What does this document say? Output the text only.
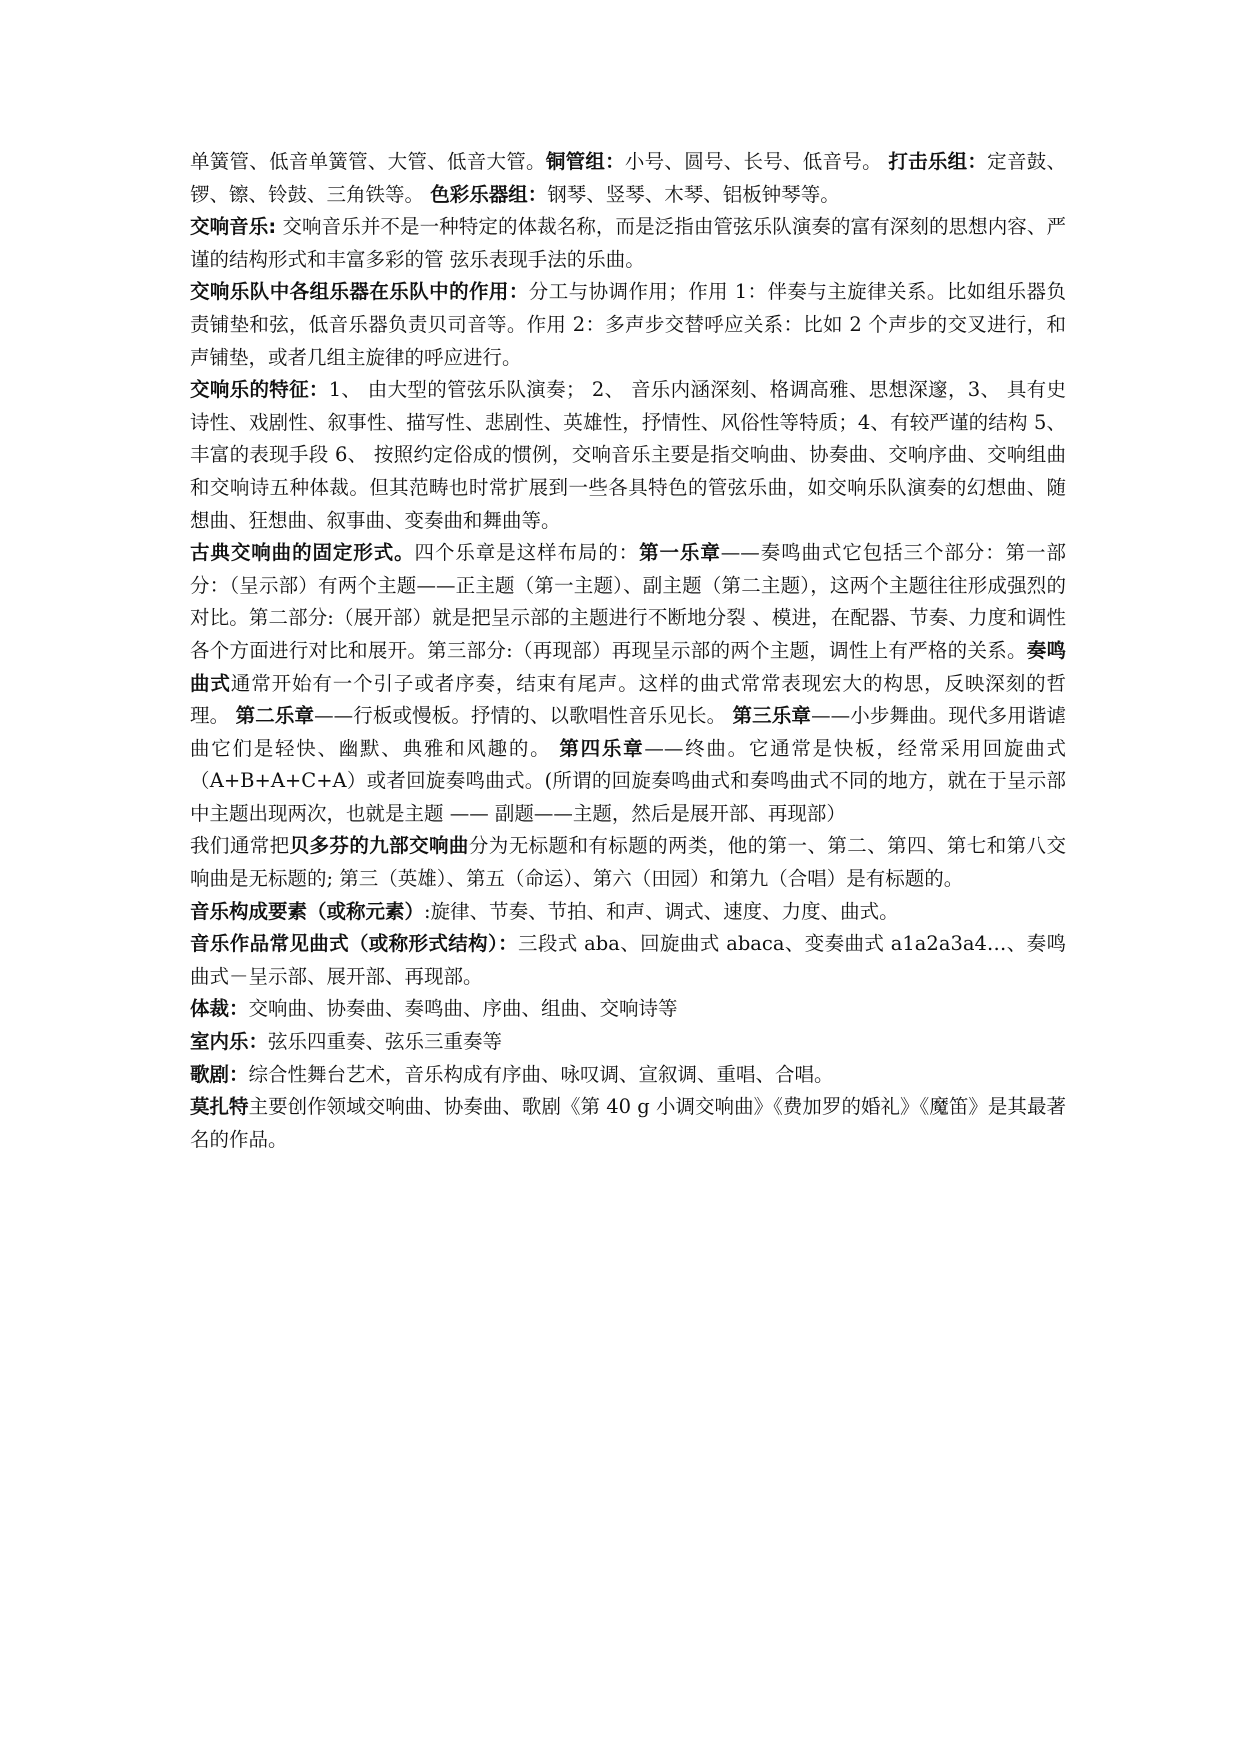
单簧管、低音单簧管、大管、低音大管。铜管组：小号、圆号、长号、低音号。 打击乐组：定音鼓、锣、镲、铃鼓、三角铁等。 色彩乐器组：钢琴、竖琴、木琴、铝板钟琴等。
交响音乐: 交响音乐并不是一种特定的体裁名称，而是泛指由管弦乐队演奏的富有深刻的思想内容、严谨的结构形式和丰富多彩的管 弦乐表现手法的乐曲。
交响乐队中各组乐器在乐队中的作用：分工与协调作用；作用 1：伴奏与主旋律关系。比如组乐器负责铺垫和弦，低音乐器负责贝司音等。作用 2：多声步交替呼应关系：比如 2 个声步的交叉进行，和声铺垫，或者几组主旋律的呼应进行。
交响乐的特征：1、 由大型的管弦乐队演奏； 2、 音乐内涵深刻、格调高雅、思想深邃，3、 具有史诗性、戏剧性、叙事性、描写性、悲剧性、英雄性，抒情性、风俗性等特质；4、有较严谨的结构 5、 丰富的表现手段 6、 按照约定俗成的惯例，交响音乐主要是指交响曲、协奏曲、交响序曲、交响组曲和交响诗五种体裁。但其范畴也时常扩展到一些各具特色的管弦乐曲，如交响乐队演奏的幻想曲、随想曲、狂想曲、叙事曲、变奏曲和舞曲等。
古典交响曲的固定形式。四个乐章是这样布局的：第一乐章——奏鸣曲式它包括三个部分：第一部分：（呈示部）有两个主题——正主题（第一主题）、副主题（第二主题），这两个主题往往形成强烈的对比。第二部分:（展开部）就是把呈示部的主题进行不断地分裂 、模进，在配器、节奏、力度和调性各个方面进行对比和展开。第三部分:（再现部）再现呈示部的两个主题，调性上有严格的关系。奏鸣曲式通常开始有一个引子或者序奏，结束有尾声。这样的曲式常常表现宏大的构思，反映深刻的哲理。 第二乐章——行板或慢板。抒情的、以歌唱性音乐见长。 第三乐章——小步舞曲。现代多用谐谑曲它们是轻快、幽默、典雅和风趣的。 第四乐章——终曲。它通常是快板，经常采用回旋曲式（A+B+A+C+A）或者回旋奏鸣曲式。(所谓的回旋奏鸣曲式和奏鸣曲式不同的地方，就在于呈示部中主题出现两次，也就是主题 —— 副题——主题，然后是展开部、再现部）
我们通常把贝多芬的九部交响曲分为无标题和有标题的两类，他的第一、第二、第四、第七和第八交响曲是无标题的; 第三（英雄）、第五（命运）、第六（田园）和第九（合唱）是有标题的。
音乐构成要素（或称元素）:旋律、节奏、节拍、和声、调式、速度、力度、曲式。
音乐作品常见曲式（或称形式结构）：三段式 aba、回旋曲式 abaca、变奏曲式 a1a2a3a4…、奏鸣曲式－呈示部、展开部、再现部。
体裁：交响曲、协奏曲、奏鸣曲、序曲、组曲、交响诗等
室内乐：弦乐四重奏、弦乐三重奏等
歌剧：综合性舞台艺术，音乐构成有序曲、咏叹调、宣叙调、重唱、合唱。
莫扎特主要创作领域交响曲、协奏曲、歌剧《第 40 g 小调交响曲》《费加罗的婚礼》《魔笛》是其最著名的作品。
